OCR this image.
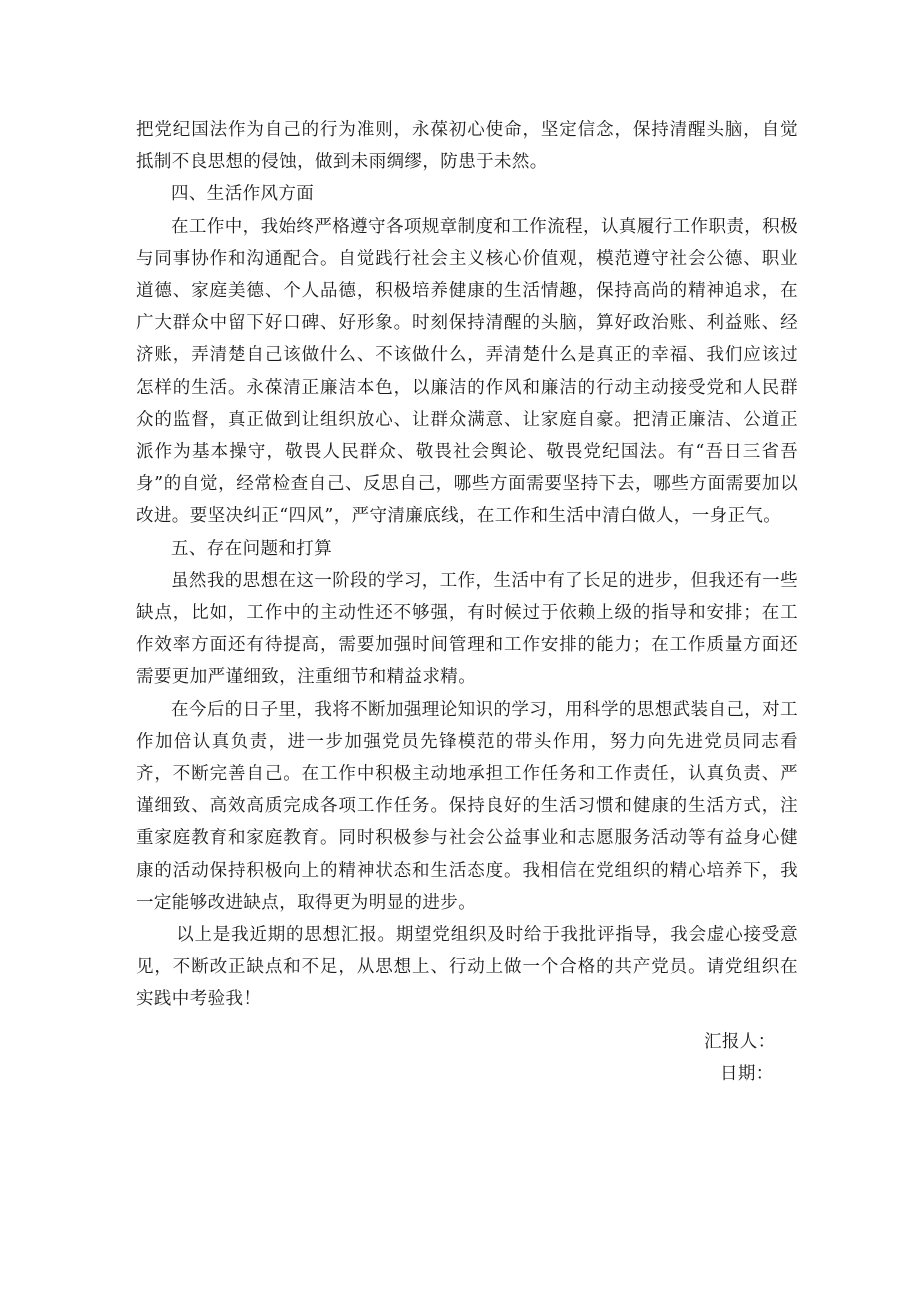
把党纪国法作为自己的行为准则，永葆初心使命，坚定信念，保持清醒头脑，自觉抵制不良思想的侵蚀，做到未雨绸缪，防患于未然。

四、生活作风方面

在工作中，我始终严格遵守各项规章制度和工作流程，认真履行工作职责，积极与同事协作和沟通配合。自觉践行社会主义核心价值观，模范遵守社会公德、职业道德、家庭美德、个人品德，积极培养健康的生活情趣，保持高尚的精神追求，在广大群众中留下好口碑、好形象。时刻保持清醒的头脑，算好政治账、利益账、经济账，弄清楚自己该做什么、不该做什么，弄清楚什么是真正的幸福、我们应该过怎样的生活。永葆清正廉洁本色，以廉洁的作风和廉洁的行动主动接受党和人民群众的监督，真正做到让组织放心、让群众满意、让家庭自豪。把清正廉洁、公道正派作为基本操守，敬畏人民群众、敬畏社会舆论、敬畏党纪国法。有“吾日三省吾身”的自觉，经常检查自己、反思自己，哪些方面需要坚持下去，哪些方面需要加以改进。要坚决纠正“四风”，严守清廉底线，在工作和生活中清白做人，一身正气。

五、存在问题和打算

虽然我的思想在这一阶段的学习，工作，生活中有了长足的进步，但我还有一些缺点，比如，工作中的主动性还不够强，有时候过于依赖上级的指导和安排；在工作效率方面还有待提高，需要加强时间管理和工作安排的能力；在工作质量方面还需要更加严谨细致，注重细节和精益求精。

在今后的日子里，我将不断加强理论知识的学习，用科学的思想武装自己，对工作加倍认真负责，进一步加强党员先锋模范的带头作用，努力向先进党员同志看齐，不断完善自己。在工作中积极主动地承担工作任务和工作责任，认真负责、严谨细致、高效高质完成各项工作任务。保持良好的生活习惯和健康的生活方式，注重家庭教育和家庭教育。同时积极参与社会公益事业和志愿服务活动等有益身心健康的活动保持积极向上的精神状态和生活态度。我相信在党组织的精心培养下，我一定能够改进缺点，取得更为明显的进步。

以上是我近期的思想汇报。期望党组织及时给于我批评指导，我会虚心接受意见，不断改正缺点和不足，从思想上、行动上做一个合格的共产党员。请党组织在实践中考验我！

汇报人：
日期：
